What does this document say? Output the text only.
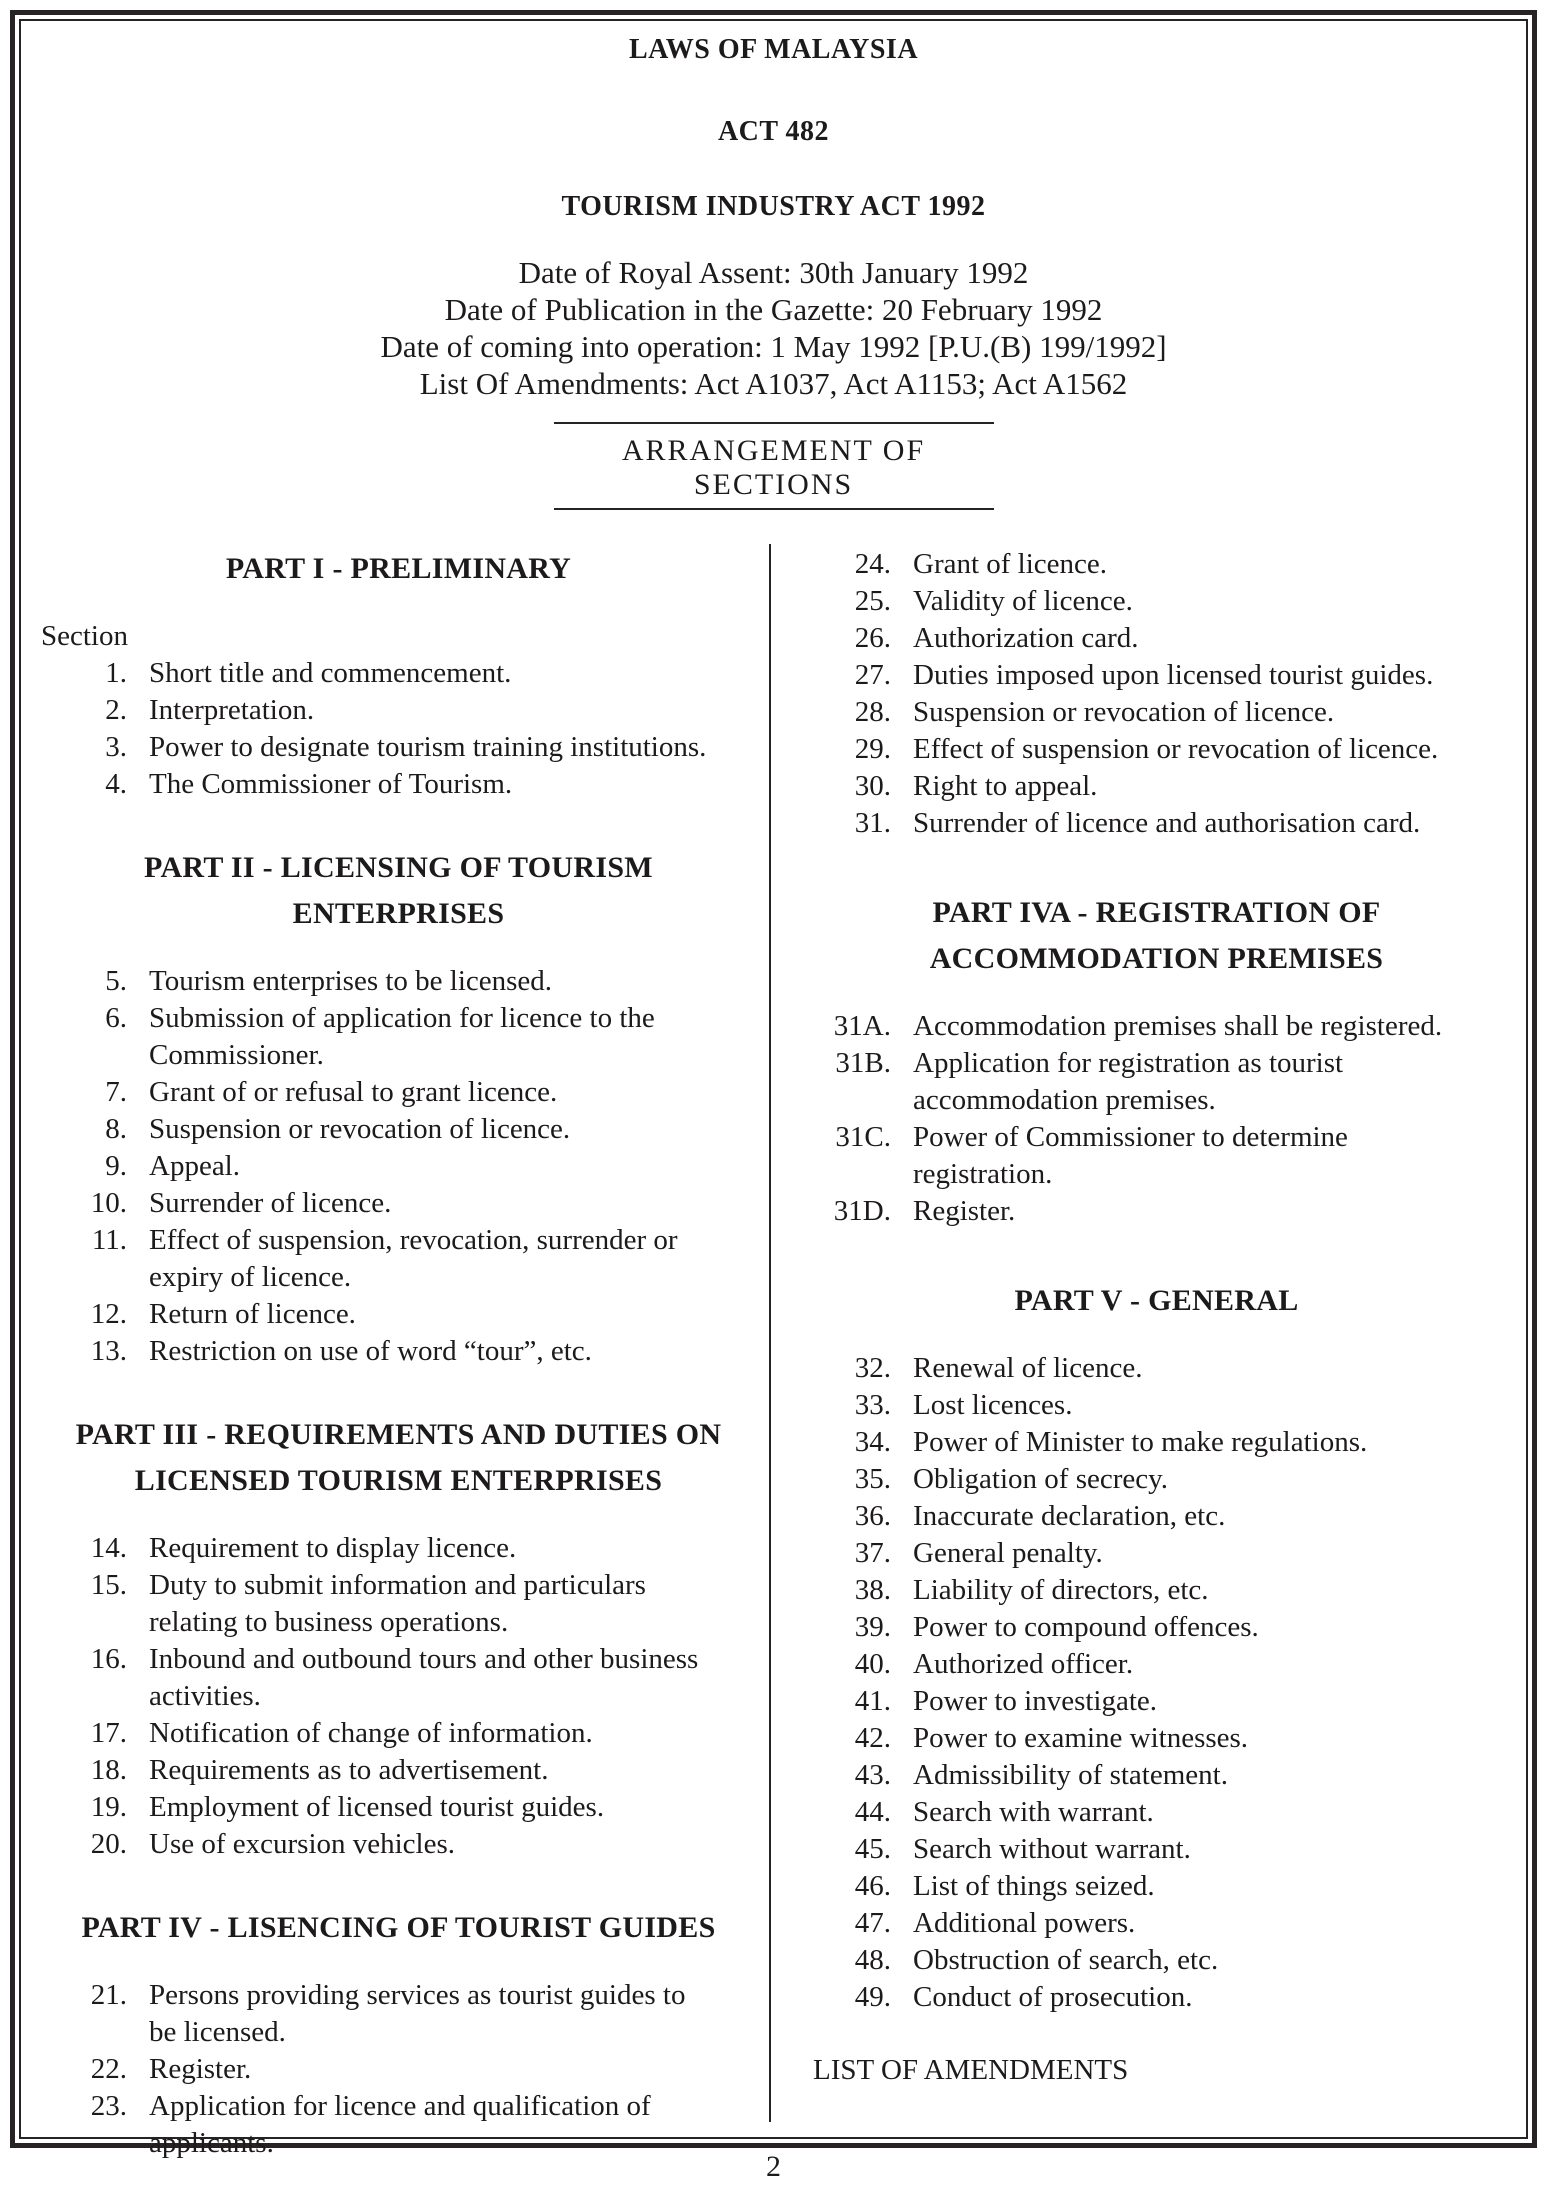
LAWS OF MALAYSIA
ACT 482
TOURISM INDUSTRY ACT 1992
Date of Royal Assent: 30th January 1992
Date of Publication in the Gazette: 20 February 1992
Date of coming into operation: 1 May 1992 [P.U.(B) 199/1992]
List Of Amendments: Act A1037, Act A1153; Act A1562
ARRANGEMENT OF SECTIONS
PART I - PRELIMINARY
Section
1. Short title and commencement.
2. Interpretation.
3. Power to designate tourism training institutions.
4. The Commissioner of Tourism.
PART II - LICENSING OF TOURISM
ENTERPRISES
5. Tourism enterprises to be licensed.
6. Submission of application for licence to the
Commissioner.
7. Grant of or refusal to grant licence.
8. Suspension or revocation of licence.
9. Appeal.
10. Surrender of licence.
11. Effect of suspension, revocation, surrender or
expiry of licence.
12. Return of licence.
13. Restriction on use of word “tour”, etc.
PART III - REQUIREMENTS AND DUTIES ON
LICENSED TOURISM ENTERPRISES
14. Requirement to display licence.
15. Duty to submit information and particulars
relating to business operations.
16. Inbound and outbound tours and other business
activities.
17. Notification of change of information.
18. Requirements as to advertisement.
19. Employment of licensed tourist guides.
20. Use of excursion vehicles.
PART IV - LISENCING OF TOURIST GUIDES
21. Persons providing services as tourist guides to
be licensed.
22. Register.
23. Application for licence and qualification of
applicants.
24. Grant of licence.
25. Validity of licence.
26. Authorization card.
27. Duties imposed upon licensed tourist guides.
28. Suspension or revocation of licence.
29. Effect of suspension or revocation of licence.
30. Right to appeal.
31. Surrender of licence and authorisation card.
PART IVA - REGISTRATION OF
ACCOMMODATION PREMISES
31A. Accommodation premises shall be registered.
31B. Application for registration as tourist
accommodation premises.
31C. Power of Commissioner to determine
registration.
31D. Register.
PART V - GENERAL
32. Renewal of licence.
33. Lost licences.
34. Power of Minister to make regulations.
35. Obligation of secrecy.
36. Inaccurate declaration, etc.
37. General penalty.
38. Liability of directors, etc.
39. Power to compound offences.
40. Authorized officer.
41. Power to investigate.
42. Power to examine witnesses.
43. Admissibility of statement.
44. Search with warrant.
45. Search without warrant.
46. List of things seized.
47. Additional powers.
48. Obstruction of search, etc.
49. Conduct of prosecution.
LIST OF AMENDMENTS
2
